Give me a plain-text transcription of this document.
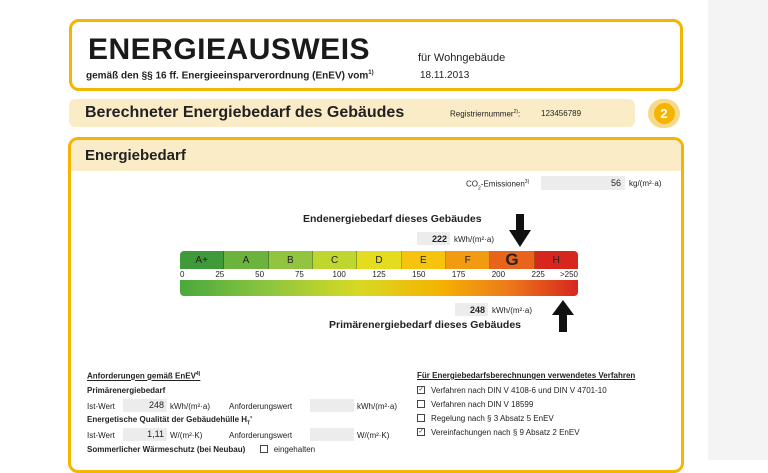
ENERGIEAUSWEIS	für Wohngebäude
gemäß den §§ 16 ff. Energieeinsparverordnung (EnEV) vom$^{1)}$	18.11.2013
Berechneter Energiebedarf des Gebäudes	Registriernummer$^{2)}$:	123456789	2
Energiebedarf
$CO_2-Emissionen^{3)}$	56 kg/(m²·a)
Endenergiebedarf dieses Gebäudes
222 kWh/(m²·a)
A+	A	B	C	D	E	F G	H
0	25	50	75	100	125	150	175	200	225 >250
248 kWh/(m²·a)
Primärenergiebedarf dieses Gebäudes
Anforderungen gemäß EnEV$^{4)}$
Primärenergiebedarf
Ist-Wert	248 kWh/(m²·a) Anforderungswert	kWh/(m²·a)
Energetische Qualität der Gebäudehülle $H_T'$
Ist-Wert	1,11 W/(m²·K)	Anforderungswert	W/(m²·K)
Sommerlicher Wärmeschutz (bei Neubau)	eingehalten
Für Energiebedarfsberechnungen verwendetes Verfahren
✓ Verfahren nach DIN V 4108-6 und DIN V 4701-10
Verfahren nach DIN V 18599
Regelung nach § 3 Absatz 5 EnEV
✓ Vereinfachungen nach § 9 Absatz 2 EnEV
